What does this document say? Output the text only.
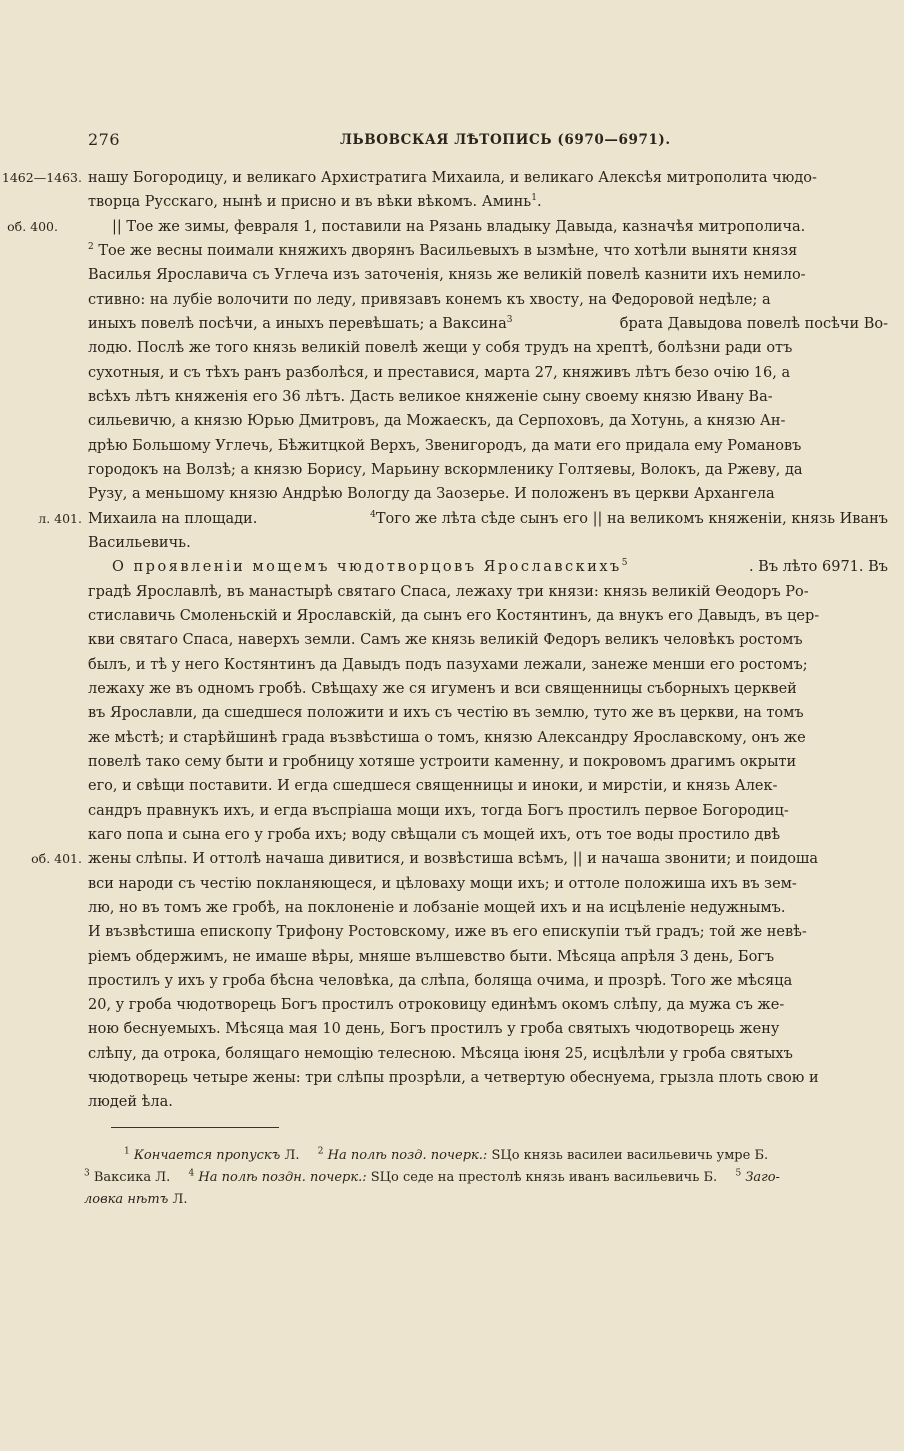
276	ЛЬВОВСКАЯ ЛѢТОПИСЬ (6970—6971).
1462—1463. нашу Богородицу, и великаго Архистратига Михаила, и великаго Алексѣя митрополита чюдо-
творца Русскаго, нынѣ и присно и въ вѣки вѣкомъ. Аминь$^1$.
об. 400.	|| Тое же зимы, февраля 1, поставили на Рязань владыку Давыда, казначѣя митрополича.
$^2$ Тое же весны поимали княжихъ дворянъ Васильевыхъ в ызмѣне, что хотѣли выняти князя
Василья Ярославича съ Углеча изъ заточенія, князь же великій повелѣ казнити ихъ немило-
стивно: на лубіе волочити по леду, привязавъ конемъ къ хвосту, на Федоровой недѣле; а
иныхъ повелѣ посѣчи, а иныхъ перевѣшать; а Ваксина$^3$	брата Давыдова повелѣ посѣчи Во-
лодю. Послѣ же того князь великій повелѣ жещи у собя трудъ на хрептѣ, болѣзни ради отъ
сухотныя, и съ тѣхъ ранъ разболѣся, и преставися, марта 27, княживъ лѣтъ безо очію 16, а
всѣхъ лѣтъ княженія его 36 лѣтъ. Дасть великое княженіе сыну своему князю Ивану Ва-
сильевичю, а князю Юрью Дмитровъ, да Можаескъ, да Серпоховъ, да Хотунь, а князю Ан-
дрѣю Большому Углечь, Бѣжитцкой Верхъ, Звенигородъ, да мати его придала ему Романовъ
городокъ на Волзѣ; а князю Борису, Марьину вскормленику Голтяевы, Волокъ, да Ржеву, да
Рузу, а меньшому князю Андрѣю Вологду да Заозерье. И положенъ въ церкви Архангела
л. 401. Михаила на площади.	$^4$Того же лѣта сѣде сынъ его || на великомъ княженіи, князь Иванъ
Васильевичь.
О проявленіи мощемъ чюдотворцовъ Ярославскихъ$^5$	. Въ лѣто 6971. Въ
градѣ Ярославлѣ, въ манастырѣ святаго Спаса, лежаху три князи: князь великій Ѳеодоръ Ро-
стиславичь Смоленьскій и Ярославскій, да сынъ его Костянтинъ, да внукъ его Давыдъ, въ цер-
кви святаго Спаса, наверхъ земли. Самъ же князь великій Федоръ великъ человѣкъ ростомъ
былъ, и тѣ у него Костянтинъ да Давыдъ подъ пазухами лежали, занеже менши его ростомъ;
лежаху же въ одномъ гробѣ. Свѣщаху же ся игуменъ и вси священницы съборныхъ церквей
въ Ярославли, да сшедшеся положити и ихъ съ честію въ землю, туто же въ церкви, на томъ
же мѣстѣ; и старѣйшинѣ града възвѣстиша о томъ, князю Александру Ярославскому, онъ же
повелѣ тако сему быти и гробницу хотяше устроити каменну, и покровомъ драгимъ окрыти
его, и свѣщи поставити. И егда сшедшеся священницы и иноки, и мирстіи, и князь Алек-
сандръ правнукъ ихъ, и егда въспріаша мощи ихъ, тогда Богъ простилъ первое Богородиц-
каго попа и сына его у гроба ихъ; воду свѣщали съ мощей ихъ, отъ тое воды простило двѣ
об. 401. жены слѣпы. И оттолѣ начаша дивитися, и возвѣстиша всѣмъ, || и начаша звонити; и поидоша
вси народи съ честію покланяющеся, и цѣловаху мощи ихъ; и оттоле положиша ихъ въ зем-
лю, но въ томъ же гробѣ, на поклоненіе и лобзаніе мощей ихъ и на исцѣленіе недужнымъ.
И възвѣстиша епископу Трифону Ростовскому, иже въ его епискупіи тъй градъ; той же невѣ-
ріемъ обдержимъ, не имаше вѣры, мняше вълшевство быти. Мѣсяца апрѣля 3 день, Богъ
простилъ у ихъ у гроба бѣсна человѣка, да слѣпа, боляща очима, и прозрѣ. Того же мѣсяца
20, у гроба чюдотворець Богъ простилъ отроковицу единѣмъ окомъ слѣпу, да мужа съ же-
ною беснуемыхъ. Мѣсяца мая 10 день, Богъ простилъ у гроба святыхъ чюдотворець жену
слѣпу, да отрока, болящаго немощію телесною. Мѣсяца іюня 25, исцѣлѣли у гроба святыхъ
чюдотворець четыре жены: три слѣпы прозрѣли, а четвертую обеснуема, грызла плоть свою и
людей ѣла.
$^1$ Кончается пропускъ Л. $^2$ На полѣ позд. почерк.: ЅЦо князь василеи васильевичь умре Б.
$^3$ Ваксика Л. $^4$ На полѣ поздн. почерк.: ЅЦо седе на престолѣ князь иванъ васильевичь Б. $^5$ Заго-
ловка нѣтъ Л.
